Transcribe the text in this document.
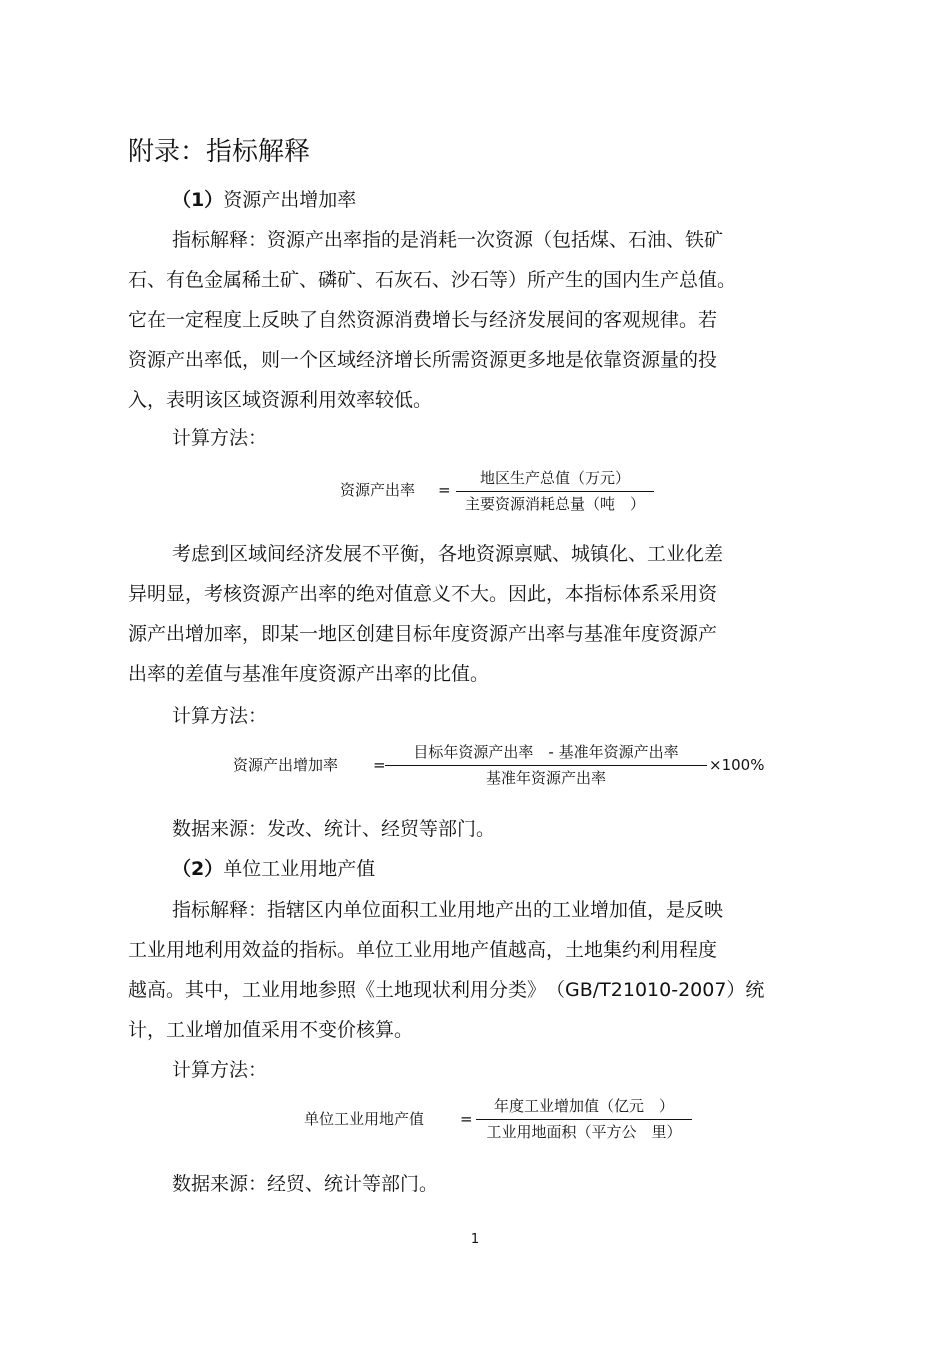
附录：指标解释
（1）资源产出增加率
指标解释：资源产出率指的是消耗一次资源（包括煤、石油、铁矿
石、有色金属稀土矿、磷矿、石灰石、沙石等）所产生的国内生产总值。
它在一定程度上反映了自然资源消费增长与经济发展间的客观规律。若
资源产出率低，则一个区域经济增长所需资源更多地是依靠资源量的投
入，表明该区域资源利用效率较低。
计算方法：
资源产出率 =
地区生产总值（万元）
主要资源消耗总量（吨　）
考虑到区域间经济发展不平衡，各地资源禀赋、城镇化、工业化差
异明显，考核资源产出率的绝对值意义不大。因此，本指标体系采用资
源产出增加率，即某一地区创建目标年度资源产出率与基准年度资源产
出率的差值与基准年度资源产出率的比值。
计算方法：
资源产出增加率 =
目标年资源产出率　- 基准年资源产出率
基准年资源产出率
×100%
数据来源：发改、统计、经贸等部门。
（2）单位工业用地产值
指标解释：指辖区内单位面积工业用地产出的工业增加值，是反映
工业用地利用效益的指标。单位工业用地产值越高，土地集约利用程度
越高。其中，工业用地参照《土地现状利用分类》　（GB/T21010-2007）统
计，工业增加值采用不变价核算。
计算方法：
单位工业用地产值 =
年度工业增加值（亿元　）
工业用地面积（平方公　里）
数据来源：经贸、统计等部门。
1
